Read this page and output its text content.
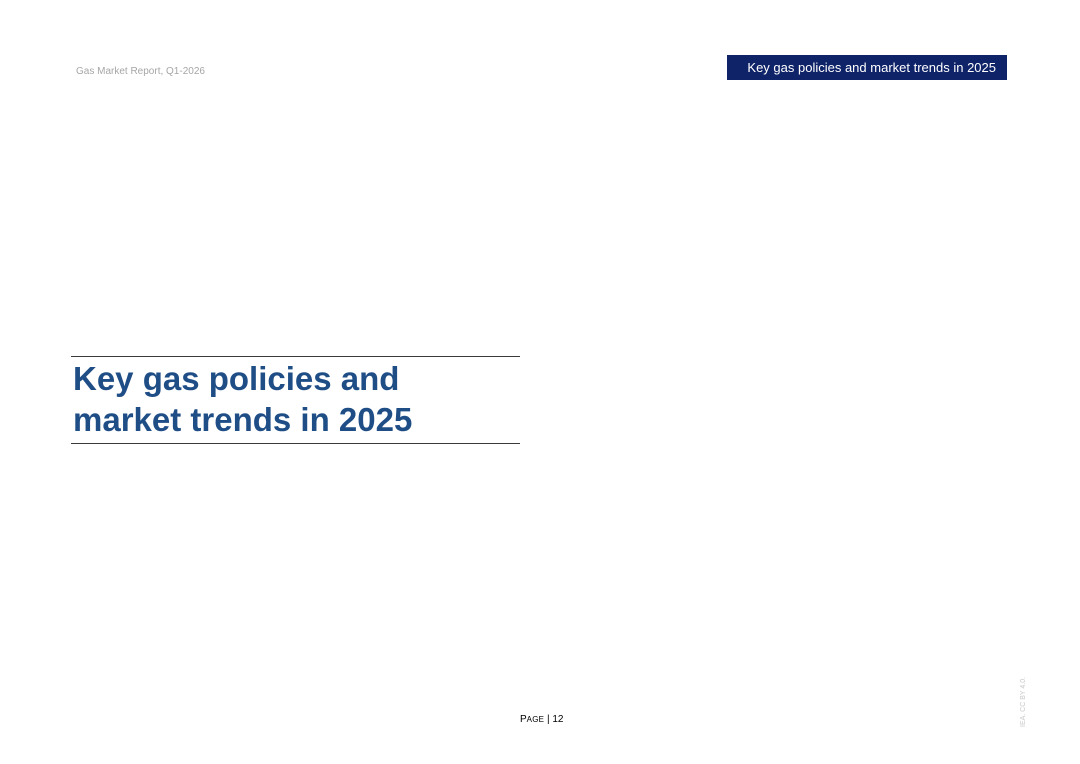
Gas Market Report, Q1-2026	Key gas policies and market trends in 2025
Key gas policies and
market trends in 2025
PAGE | 12	IEA. CC BY 4.0.
